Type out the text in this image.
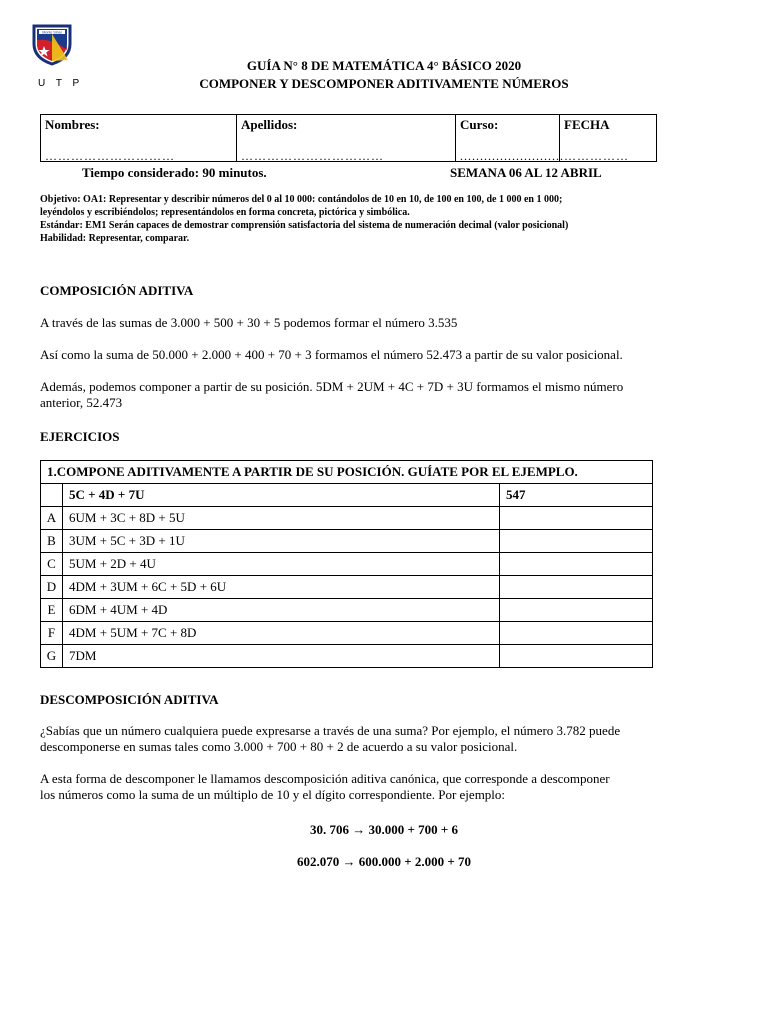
Monte Sinaí
U T P
GUÍA N° 8 DE MATEMÁTICA 4° BÁSICO 2020
COMPONER Y DESCOMPONER ADITIVAMENTE NÚMEROS
Nombres:
…………………………
Apellidos:
……………………………
Curso:
..........................
FECHA
……………
Tiempo considerado: 90 minutos.	SEMANA 06 AL 12 ABRIL
Objetivo: OA1: Representar y describir números del 0 al 10 000: contándolos de 10 en 10, de 100 en 100, de 1 000 en 1 000;
leyéndolos y escribiéndolos; representándolos en forma concreta, pictórica y simbólica.
Estándar: EM1 Serán capaces de demostrar comprensión satisfactoria del sistema de numeración decimal (valor posicional)
Habilidad: Representar, comparar.
COMPOSICIÓN ADITIVA
A través de las sumas de 3.000 + 500 + 30 + 5 podemos formar el número 3.535
Así como la suma de 50.000 + 2.000 + 400 + 70 + 3 formamos el número 52.473 a partir de su valor posicional.
Además, podemos componer a partir de su posición. 5DM + 2UM + 4C + 7D + 3U formamos el mismo número
anterior, 52.473
EJERCICIOS
1.COMPONE ADITIVAMENTE A PARTIR DE SU POSICIÓN. GUÍATE POR EL EJEMPLO.		
	5C + 4D + 7U	547
A	6UM + 3C + 8D + 5U	
B	3UM + 5C + 3D + 1U	
C	5UM + 2D + 4U	
D	4DM + 3UM + 6C + 5D + 6U	
E	6DM + 4UM + 4D	
F	4DM + 5UM + 7C + 8D	
G	7DM	
DESCOMPOSICIÓN ADITIVA
¿Sabías que un número cualquiera puede expresarse a través de una suma? Por ejemplo, el número 3.782 puede
descomponerse en sumas tales como 3.000 + 700 + 80 + 2 de acuerdo a su valor posicional.
A esta forma de descomponer le llamamos descomposición aditiva canónica, que corresponde a descomponer
los números como la suma de un múltiplo de 10 y el dígito correspondiente. Por ejemplo:
30. 706 → 30.000 + 700 + 6
602.070 → 600.000 + 2.000 + 70
